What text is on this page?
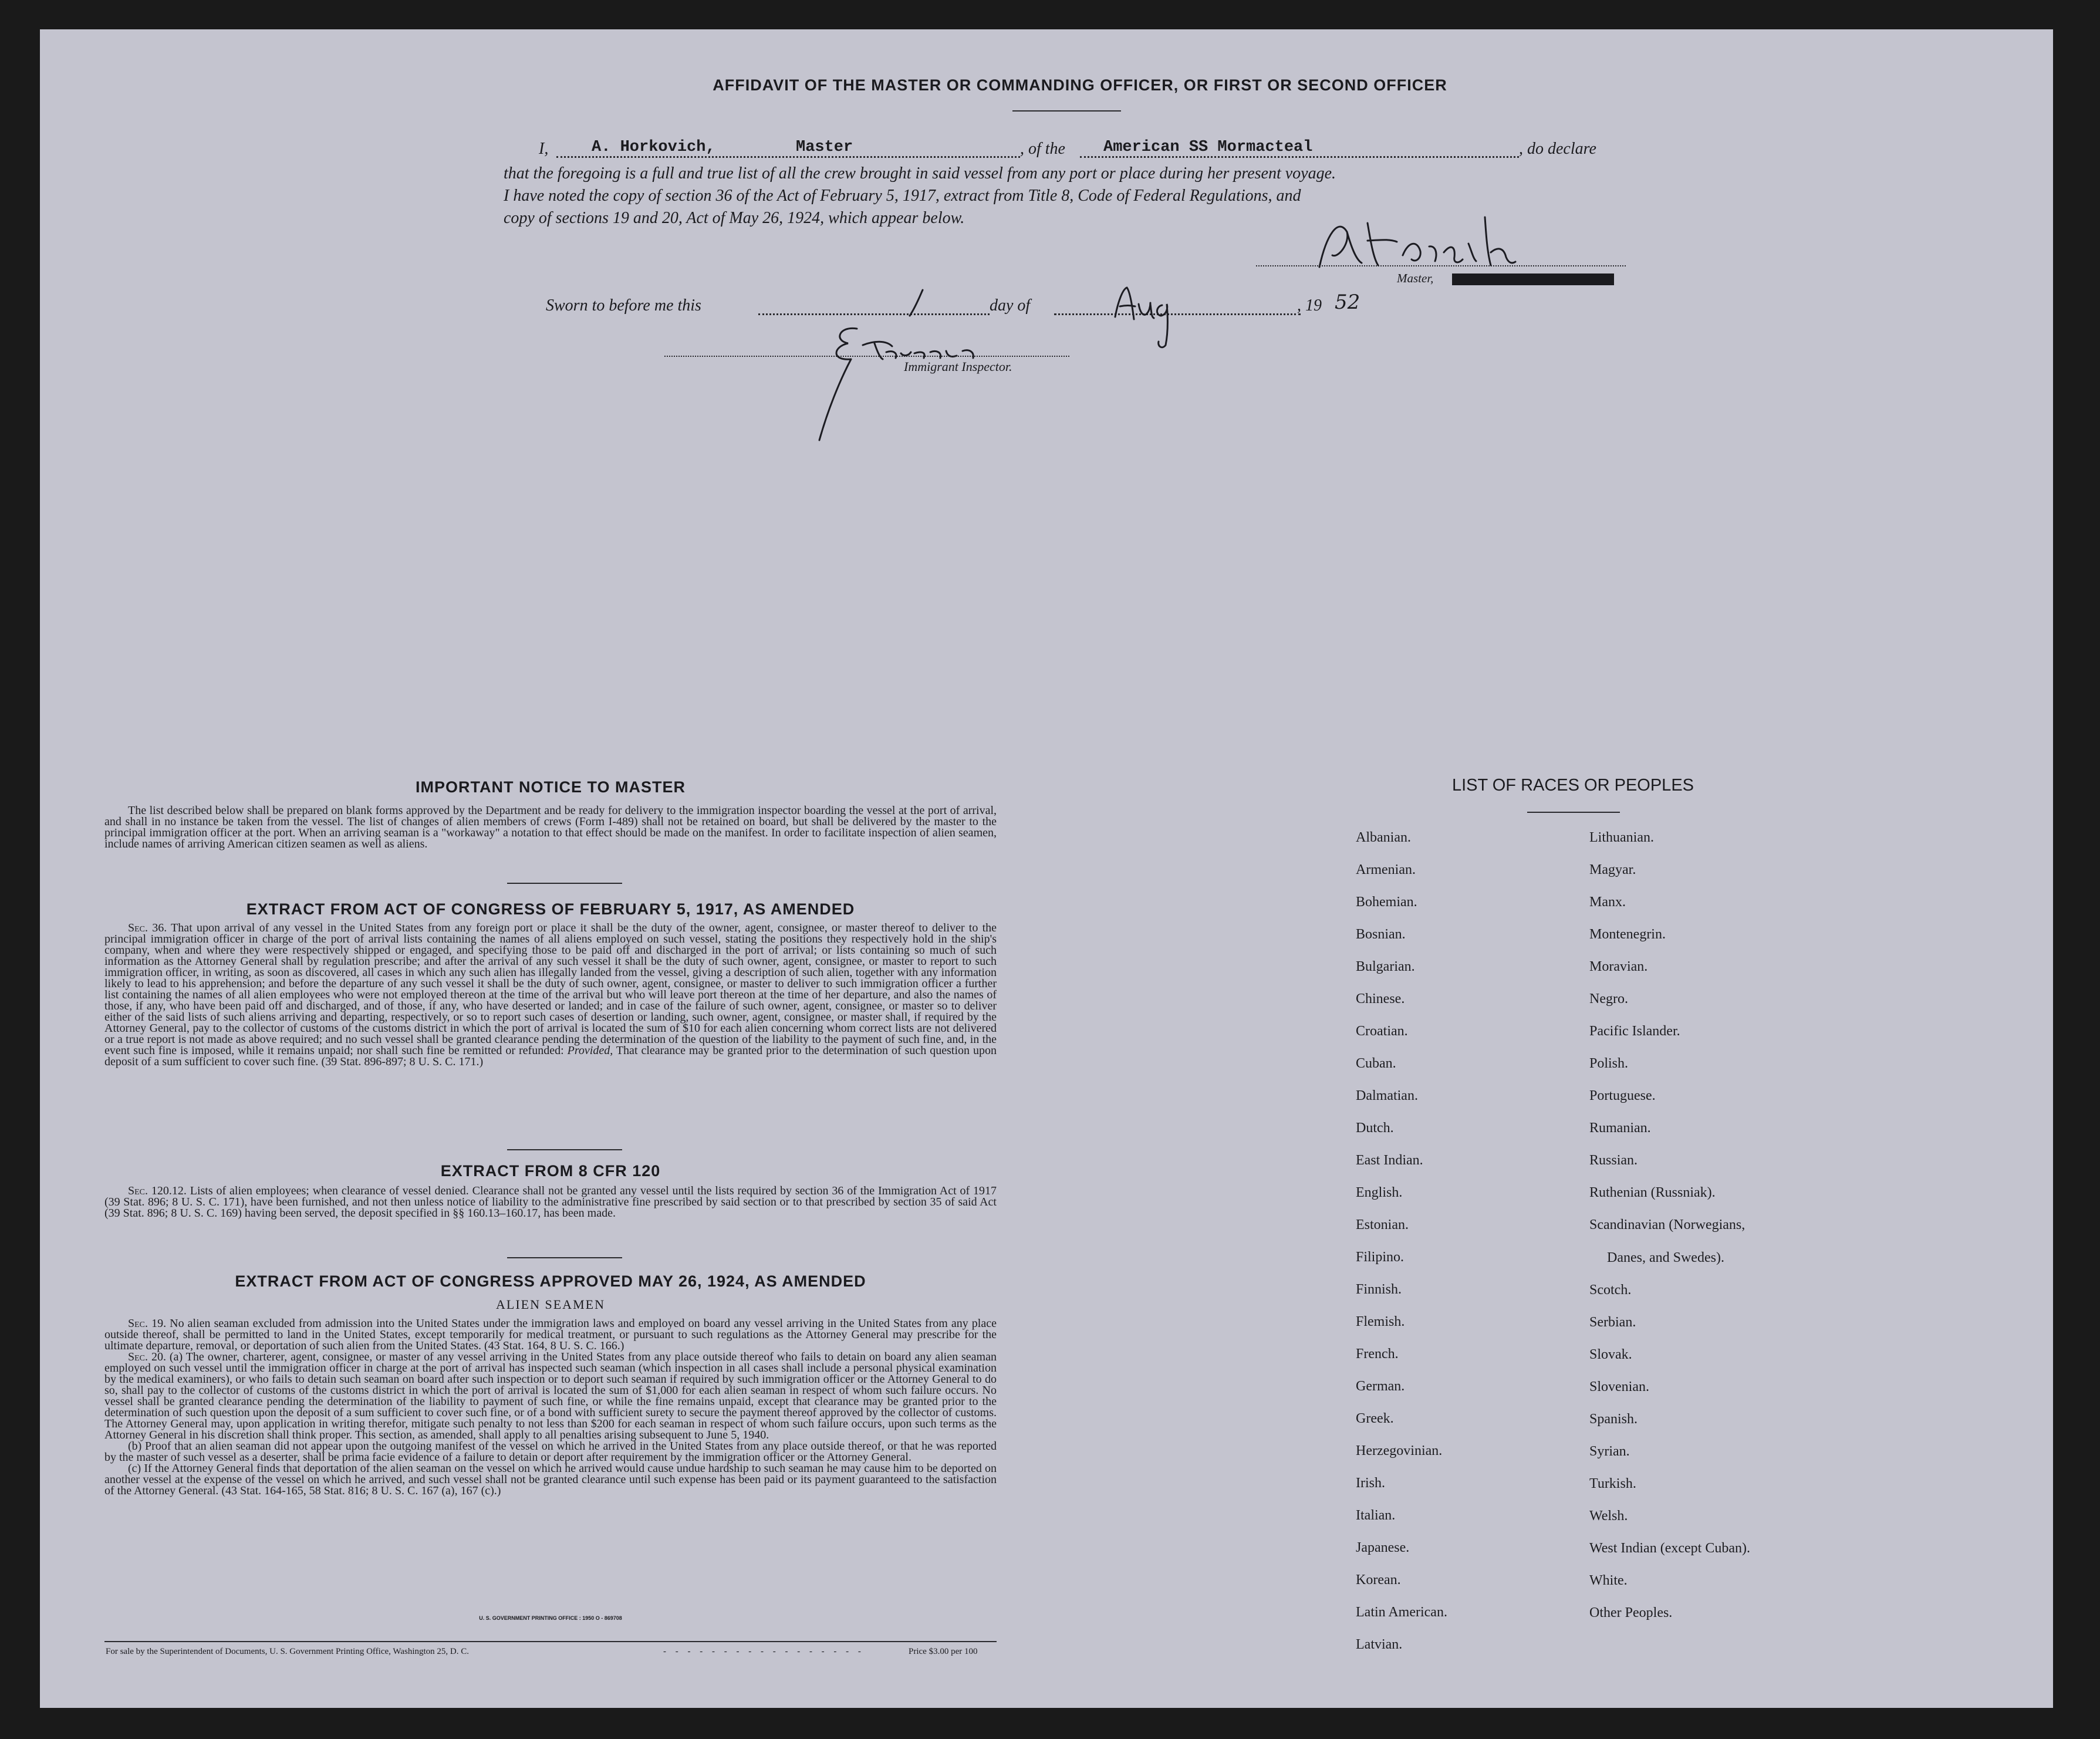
AFFIDAVIT OF THE MASTER OR COMMANDING OFFICER, OR FIRST OR SECOND OFFICER
I,	A. Horkovich,	Master	, of the American SS Mormacteal	, do declare
that the foregoing is a full and true list of all the crew brought in said vessel from any port or place during her present voyage.
I have noted the copy of section 36 of the Act of February 5, 1917, extract from Title 8, Code of Federal Regulations, and
copy of sections 19 and 20, Act of May 26, 1924, which appear below.
Master,
Sworn to before me this	day of	, 19 52
Immigrant Inspector.
IMPORTANT NOTICE TO MASTER

The list described below shall be prepared on blank forms approved by the Department and be ready for delivery to the immigration inspector boarding the vessel at the port of arrival, and shall in no instance be taken from the vessel. The list of changes of alien members of crews (Form I-489) shall not be retained on board, but shall be delivered by the master to the principal immigration officer at the port. When an arriving seaman is a "workaway" a notation to that effect should be made on the manifest. In order to facilitate inspection of alien seamen, include names of arriving American citizen seamen as well as aliens.

EXTRACT FROM ACT OF CONGRESS OF FEBRUARY 5, 1917, AS AMENDED

Sec. 36. That upon arrival of any vessel in the United States from any foreign port or place it shall be the duty of the owner, agent, consignee, or master thereof to deliver to the principal immigration officer in charge of the port of arrival lists containing the names of all aliens employed on such vessel, stating the positions they respectively hold in the ship's company, when and where they were respectively shipped or engaged, and specifying those to be paid off and discharged in the port of arrival; or lists containing so much of such information as the Attorney General shall by regulation prescribe; and after the arrival of any such vessel it shall be the duty of such owner, agent, consignee, or master to report to such immigration officer, in writing, as soon as discovered, all cases in which any such alien has illegally landed from the vessel, giving a description of such alien, together with any information likely to lead to his apprehension; and before the departure of any such vessel it shall be the duty of such owner, agent, consignee, or master to deliver to such immigration officer a further list containing the names of all alien employees who were not employed thereon at the time of the arrival but who will leave port thereon at the time of her departure, and also the names of those, if any, who have been paid off and discharged, and of those, if any, who have deserted or landed; and in case of the failure of such owner, agent, consignee, or master so to deliver either of the said lists of such aliens arriving and departing, respectively, or so to report such cases of desertion or landing, such owner, agent, consignee, or master shall, if required by the Attorney General, pay to the collector of customs of the customs district in which the port of arrival is located the sum of $10 for each alien concerning whom correct lists are not delivered or a true report is not made as above required; and no such vessel shall be granted clearance pending the determination of the question of the liability to the payment of such fine, and, in the event such fine is imposed, while it remains unpaid; nor shall such fine be remitted or refunded: Provided, That clearance may be granted prior to the determination of such question upon deposit of a sum sufficient to cover such fine. (39 Stat. 896-897; 8 U. S. C. 171.)

EXTRACT FROM 8 CFR 120

Sec. 120.12. Lists of alien employees; when clearance of vessel denied. Clearance shall not be granted any vessel until the lists required by section 36 of the Immigration Act of 1917 (39 Stat. 896; 8 U. S. C. 171), have been furnished, and not then unless notice of liability to the administrative fine prescribed by said section or to that prescribed by section 35 of said Act (39 Stat. 896; 8 U. S. C. 169) having been served, the deposit specified in §§ 160.13–160.17, has been made.

EXTRACT FROM ACT OF CONGRESS APPROVED MAY 26, 1924, AS AMENDED
ALIEN SEAMEN

Sec. 19. No alien seaman excluded from admission into the United States under the immigration laws and employed on board any vessel arriving in the United States from any place outside thereof, shall be permitted to land in the United States, except temporarily for medical treatment, or pursuant to such regulations as the Attorney General may prescribe for the ultimate departure, removal, or deportation of such alien from the United States. (43 Stat. 164, 8 U. S. C. 166.)

Sec. 20. (a) The owner, charterer, agent, consignee, or master of any vessel arriving in the United States from any place outside thereof who fails to detain on board any alien seaman employed on such vessel until the immigration officer in charge at the port of arrival has inspected such seaman (which inspection in all cases shall include a personal physical examination by the medical examiners), or who fails to detain such seaman on board after such inspection or to deport such seaman if required by such immigration officer or the Attorney General to do so, shall pay to the collector of customs of the customs district in which the port of arrival is located the sum of $1,000 for each alien seaman in respect of whom such failure occurs. No vessel shall be granted clearance pending the determination of the liability to payment of such fine, or while the fine remains unpaid, except that clearance may be granted prior to the determination of such question upon the deposit of a sum sufficient to cover such fine, or of a bond with sufficient surety to secure the payment thereof approved by the collector of customs. The Attorney General may, upon application in writing therefor, mitigate such penalty to not less than $200 for each seaman in respect of whom such failure occurs, upon such terms as the Attorney General in his discretion shall think proper. This section, as amended, shall apply to all penalties arising subsequent to June 5, 1940.

(b) Proof that an alien seaman did not appear upon the outgoing manifest of the vessel on which he arrived in the United States from any place outside thereof, or that he was reported by the master of such vessel as a deserter, shall be prima facie evidence of a failure to detain or deport after requirement by the immigration officer or the Attorney General.

(c) If the Attorney General finds that deportation of the alien seaman on the vessel on which he arrived would cause undue hardship to such seaman he may cause him to be deported on another vessel at the expense of the vessel on which he arrived, and such vessel shall not be granted clearance until such expense has been paid or its payment guaranteed to the satisfaction of the Attorney General. (43 Stat. 164-165, 58 Stat. 816; 8 U. S. C. 167 (a), 167 (c).)

U. S. GOVERNMENT PRINTING OFFICE : 1950 O - 869708
For sale by the Superintendent of Documents, U. S. Government Printing Office, Washington 25, D. C.	- - - - - - - - - - - - - - - - -	Price $3.00 per 100
LIST OF RACES OR PEOPLES
Albanian.
Armenian.
Bohemian.
Bosnian.
Bulgarian.
Chinese.
Croatian.
Cuban.
Dalmatian.
Dutch.
East Indian.
English.
Estonian.
Filipino.
Finnish.
Flemish.
French.
German.
Greek.
Herzegovinian.
Irish.
Italian.
Japanese.
Korean.
Latin American.
Latvian.
Lithuanian.
Magyar.
Manx.
Montenegrin.
Moravian.
Negro.
Pacific Islander.
Polish.
Portuguese.
Rumanian.
Russian.
Ruthenian (Russniak).
Scandinavian (Norwegians,
Danes, and Swedes).
Scotch.
Serbian.
Slovak.
Slovenian.
Spanish.
Syrian.
Turkish.
Welsh.
West Indian (except Cuban).
White.
Other Peoples.
